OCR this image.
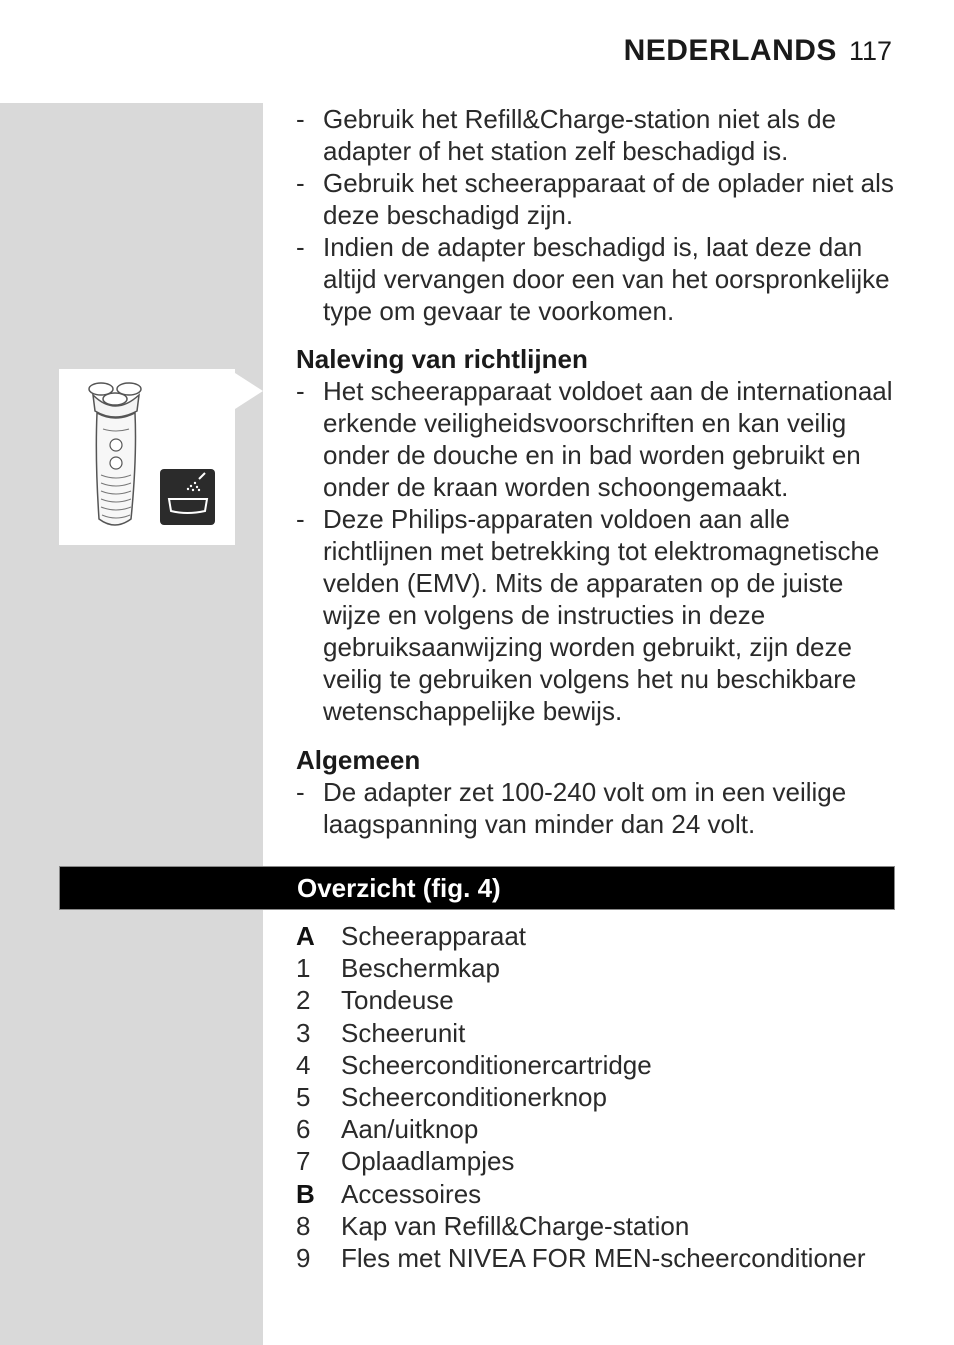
NEDERLANDS 117
- Gebruik het Refill&Charge-station niet als de adapter of het station zelf beschadigd is.
- Gebruik het scheerapparaat of de oplader niet als deze beschadigd zijn.
- Indien de adapter beschadigd is, laat deze dan altijd vervangen door een van het oorspronkelijke type om gevaar te voorkomen.
Naleving van richtlijnen
- Het scheerapparaat voldoet aan de internationaal erkende veiligheidsvoorschriften en kan veilig onder de douche en in bad worden gebruikt en onder de kraan worden schoongemaakt.
- Deze Philips-apparaten voldoen aan alle richtlijnen met betrekking tot elektromagnetische velden (EMV). Mits de apparaten op de juiste wijze en volgens de instructies in deze gebruiksaanwijzing worden gebruikt, zijn deze veilig te gebruiken volgens het nu beschikbare wetenschappelijke bewijs.
Algemeen
- De adapter zet 100-240 volt om in een veilige laagspanning van minder dan 24 volt.
Overzicht (fig. 4)
A	Scheerapparaat
1	Beschermkap
2	Tondeuse
3	Scheerunit
4	Scheerconditionercartridge
5	Scheerconditionerknop
6	Aan/uitknop
7	Oplaadlampjes
B	Accessoires
8	Kap van Refill&Charge-station
9	Fles met NIVEA FOR MEN-scheerconditioner
